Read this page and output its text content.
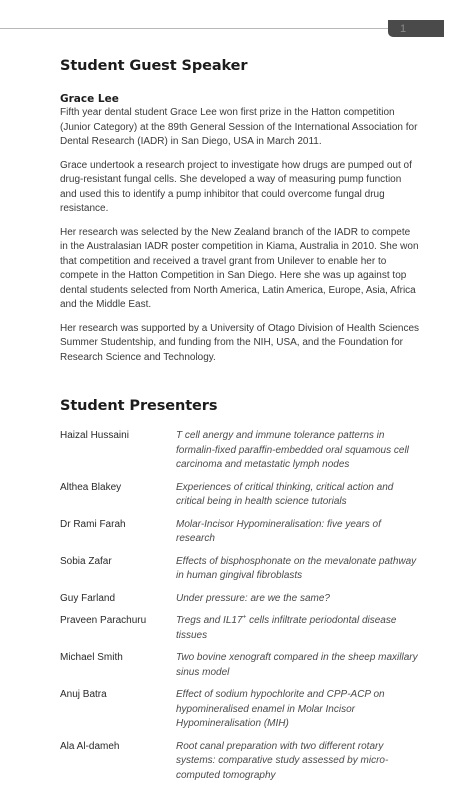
1
Student Guest Speaker
Grace Lee

Fifth year dental student Grace Lee won first prize in the Hatton competition (Junior Category) at the 89th General Session of the International Association for Dental Research (IADR) in San Diego, USA in March 2011.

Grace undertook a research project to investigate how drugs are pumped out of drug-resistant fungal cells. She developed a way of measuring pump function and used this to identify a pump inhibitor that could overcome fungal drug resistance.

Her research was selected by the New Zealand branch of the IADR to compete in the Australasian IADR poster competition in Kiama, Australia in 2010. She won that competition and received a travel grant from Unilever to enable her to compete in the Hatton Competition in San Diego. Here she was up against top dental students selected from North America, Latin America, Europe, Asia, Africa and the Middle East.

Her research was supported by a University of Otago Division of Health Sciences Summer Studentship, and funding from the NIH, USA, and the Foundation for Research Science and Technology.

Student Presenters
Haizal Hussaini	T cell anergy and immune tolerance patterns in formalin-fixed paraffin-embedded oral squamous cell carcinoma and metastatic lymph nodes
Althea Blakey	Experiences of critical thinking, critical action and critical being in health science tutorials
Dr Rami Farah	Molar-Incisor Hypomineralisation: five years of research
Sobia Zafar	Effects of bisphosphonate on the mevalonate pathway in human gingival fibroblasts
Guy Farland	Under pressure: are we the same?
Praveen Parachuru	Tregs and IL17+ cells infiltrate periodontal disease tissues
Michael Smith	Two bovine xenograft compared in the sheep maxillary sinus model
Anuj Batra	Effect of sodium hypochlorite and CPP-ACP on hypomineralised enamel in Molar Incisor Hypomineralisation (MIH)
Ala Al-dameh	Root canal preparation with two different rotary systems: comparative study assessed by micro-computed tomography
